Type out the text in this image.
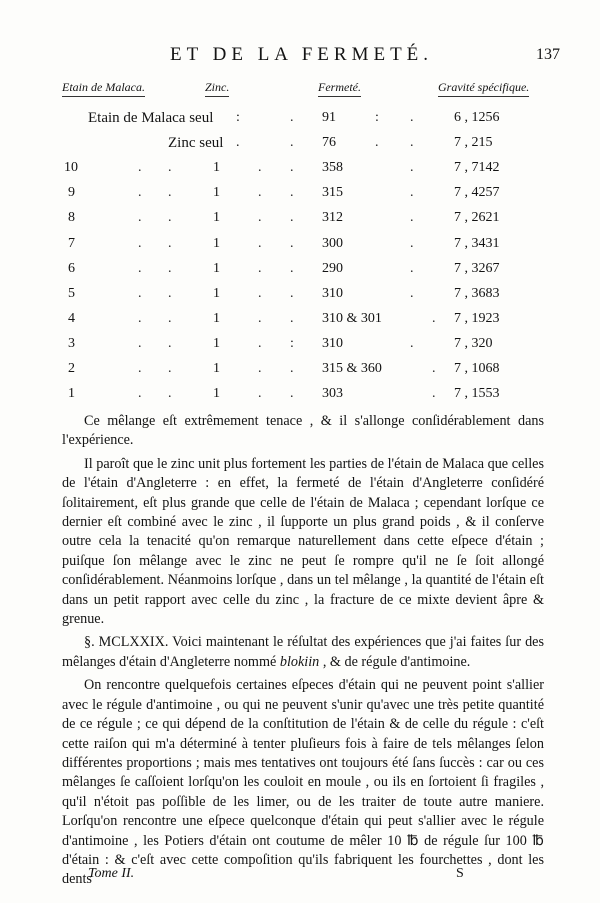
ET DE LA FERMETÉ.	137
Etain de Malaca.	Zinc.	Fermeté.	Gravité spécifique.
Etain de Malaca seul :	. 91	: .	6 , 1256
Zinc seul .	. 76	. .	7 , 215
10	. .	1	. . 358	.	7 , 7142
9	. .	1	. . 315	.	7 , 4257
8	. .	1	. . 312	.	7 , 2621
7	. .	1	. . 300	.	7 , 3431
6	. .	1	. . 290	.	7 , 3267
5	. .	1	. . 310	.	7 , 3683
4	. .	1	. . 310 & 301	. 7 , 1923
3	. .	1	. : 310	.	7 , 320
2	. .	1	. . 315 & 360	. 7 , 1068
1	. .	1	. . 303	. 7 , 1553

Ce mêlange eſt extrêmement tenace , & il s'allonge conſidérablement dans l'expérience.

Il paroît que le zinc unit plus fortement les parties de l'étain de Malaca que celles de l'étain d'Angleterre : en effet, la fermeté de l'étain d'Angleterre conſidéré ſolitairement, eſt plus grande que celle de l'étain de Malaca ; cependant lorſque ce dernier eſt combiné avec le zinc , il ſupporte un plus grand poids , & il conſerve outre cela la tenacité qu'on remarque naturellement dans cette eſpece d'étain ; puiſque ſon mêlange avec le zinc ne peut ſe rompre qu'il ne ſe ſoit allongé conſidérablement. Néanmoins lorſque , dans un tel mêlange , la quantité de l'étain eſt dans un petit rapport avec celle du zinc , la fracture de ce mixte devient âpre & grenue.

§. MCLXXIX. Voici maintenant le réſultat des expériences que j'ai faites ſur des mêlanges d'étain d'Angleterre nommé blokiin , & de régule d'antimoine.

On rencontre quelquefois certaines eſpeces d'étain qui ne peuvent point s'allier avec le régule d'antimoine , ou qui ne peuvent s'unir qu'avec une très petite quantité de ce régule ; ce qui dépend de la conſtitution de l'étain & de celle du régule : c'eſt cette raiſon qui m'a déterminé à tenter pluſieurs fois à faire de tels mêlanges ſelon différentes proportions ; mais mes tentatives ont toujours été ſans ſuccès : car ou ces mêlanges ſe caſſoient lorſqu'on les couloit en moule , ou ils en ſortoient ſi fragiles , qu'il n'étoit pas poſſible de les limer, ou de les traiter de toute autre maniere. Lorſqu'on rencontre une eſpece quelconque d'étain qui peut s'allier avec le régule d'antimoine , les Potiers d'étain ont coutume de mêler 10 ℔ de régule ſur 100 ℔ d'étain : & c'eſt avec cette compoſition qu'ils fabriquent les fourchettes , dont les dents

Tome II.	S
